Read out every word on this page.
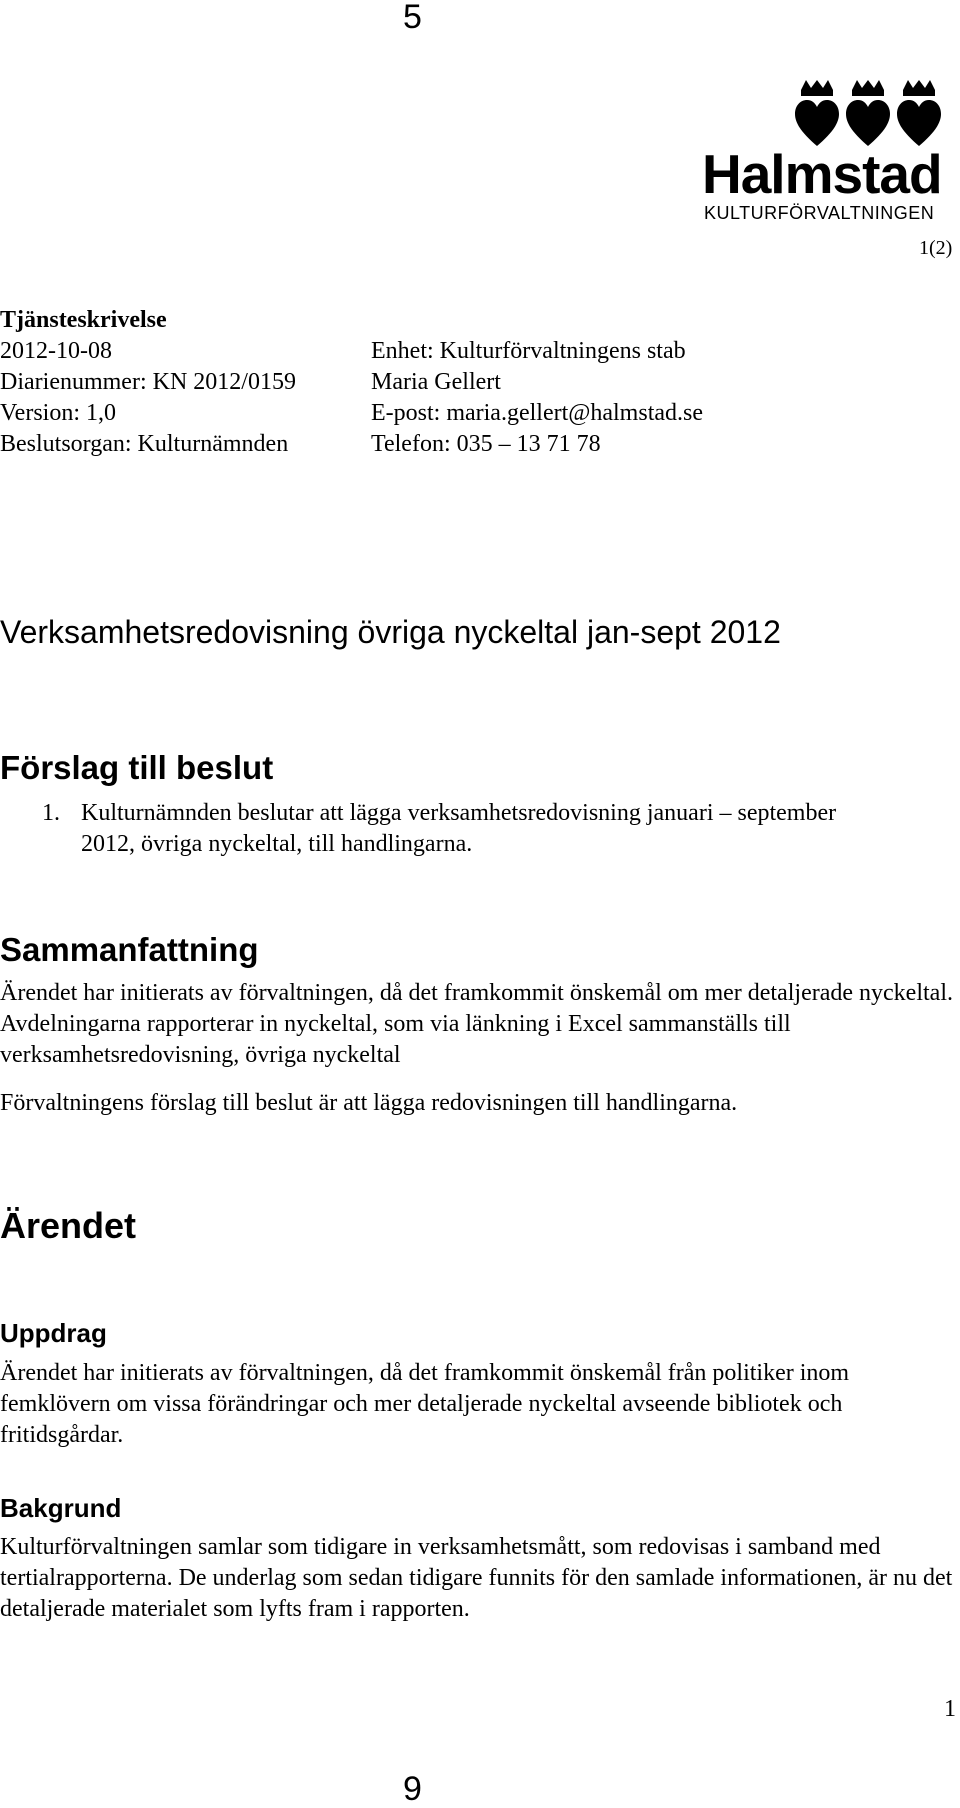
5
Halmstad
KULTURFÖRVALTNINGEN
1(2)
Tjänsteskrivelse
2012-10-08
Diarienummer: KN 2012/0159
Version: 1,0
Beslutsorgan: Kulturnämnden
Enhet: Kulturförvaltningens stab
Maria Gellert
E-post: maria.gellert@halmstad.se
Telefon: 035 – 13 71 78
Verksamhetsredovisning övriga nyckeltal jan-sept 2012
Förslag till beslut
1. Kulturnämnden beslutar att lägga verksamhetsredovisning januari – september
2012, övriga nyckeltal, till handlingarna.
Sammanfattning
Ärendet har initierats av förvaltningen, då det framkommit önskemål om mer detaljerade nyckeltal. Avdelningarna rapporterar in nyckeltal, som via länkning i Excel sammanställs till verksamhetsredovisning, övriga nyckeltal
Förvaltningens förslag till beslut är att lägga redovisningen till handlingarna.
Ärendet
Uppdrag
Ärendet har initierats av förvaltningen, då det framkommit önskemål från politiker inom femklövern om vissa förändringar och mer detaljerade nyckeltal avseende bibliotek och fritidsgårdar.
Bakgrund
Kulturförvaltningen samlar som tidigare in verksamhetsmått, som redovisas i samband med tertialrapporterna. De underlag som sedan tidigare funnits för den samlade informationen, är nu det detaljerade materialet som lyfts fram i rapporten.
1
9
